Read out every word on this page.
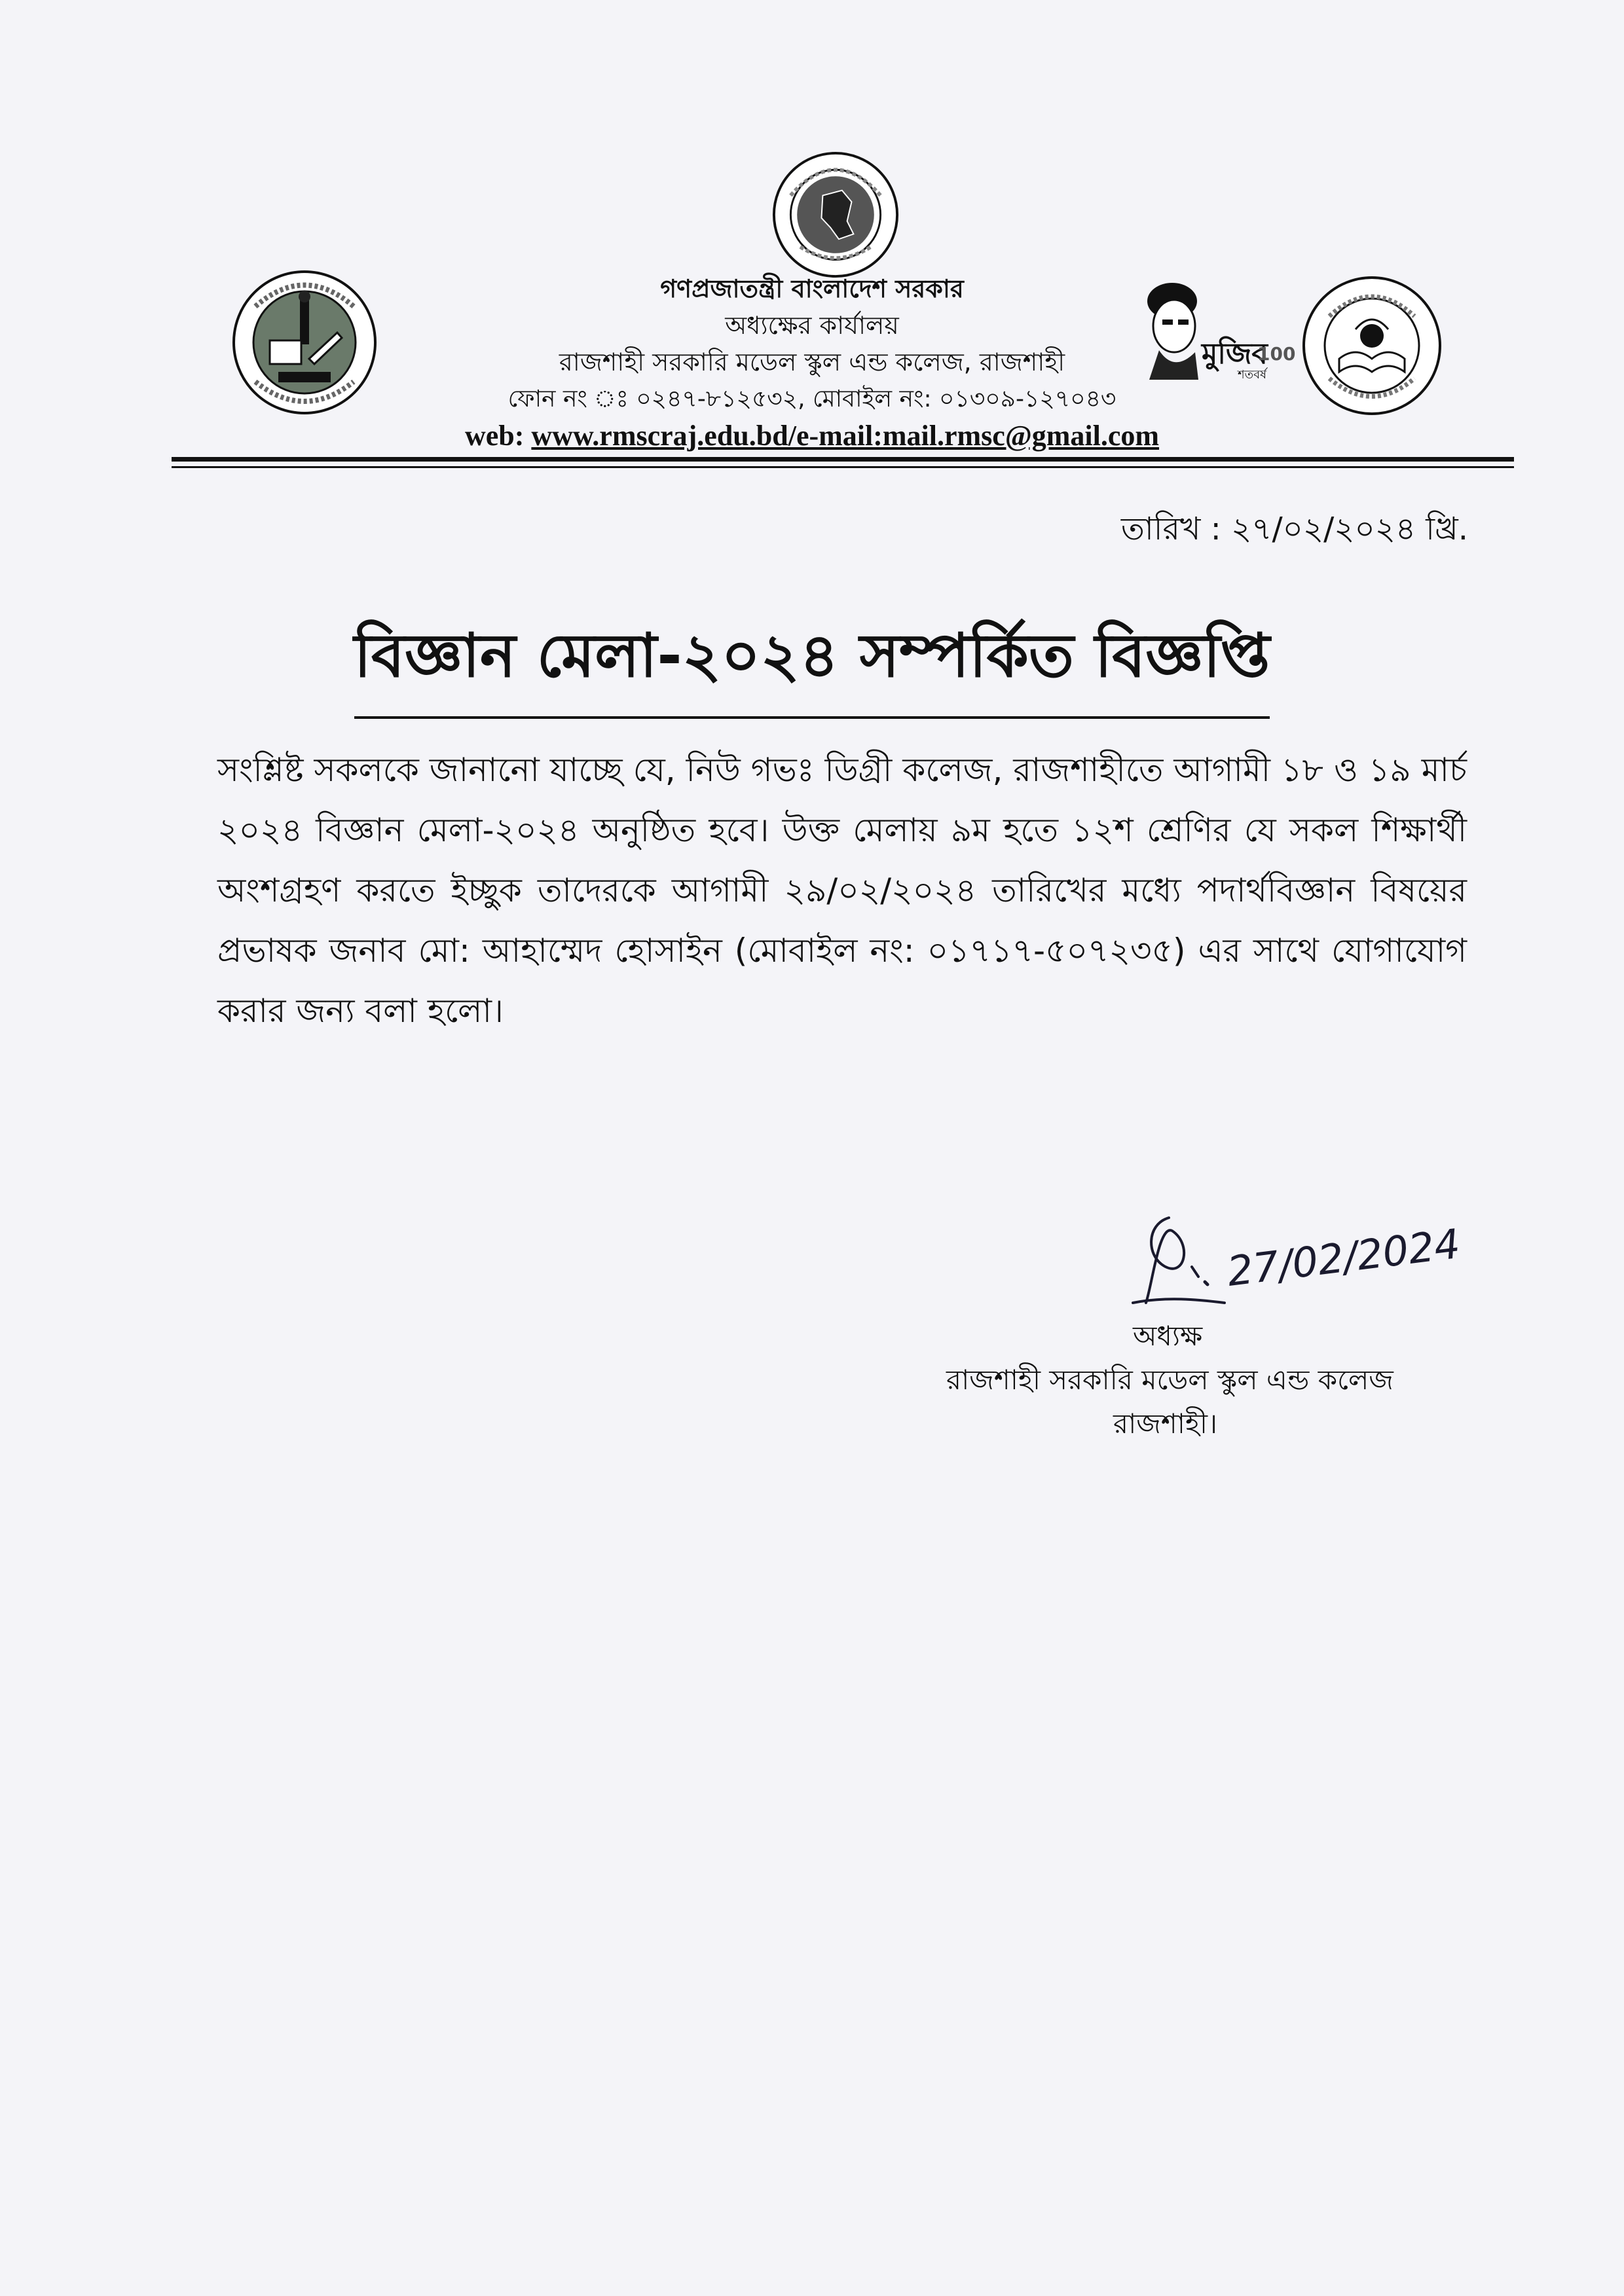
মুজিব
শতবর্ষ
100
গণপ্রজাতন্ত্রী বাংলাদেশ সরকার
অধ্যক্ষের কার্যালয়
রাজশাহী সরকারি মডেল স্কুল এন্ড কলেজ, রাজশাহী
ফোন নং ঃ ০২৪৭-৮১২৫৩২, মোবাইল নং: ০১৩০৯-১২৭০৪৩
web: www.rmscraj.edu.bd/e-mail:mail.rmsc@gmail.com
তারিখ : ২৭/০২/২০২৪ খ্রি.
বিজ্ঞান মেলা-২০২৪ সম্পর্কিত বিজ্ঞপ্তি
সংশ্লিষ্ট সকলকে জানানো যাচ্ছে যে, নিউ গভঃ ডিগ্রী কলেজ, রাজশাহীতে আগামী ১৮ ও ১৯ মার্চ ২০২৪ বিজ্ঞান মেলা-২০২৪ অনুষ্ঠিত হবে। উক্ত মেলায় ৯ম হতে ১২শ শ্রেণির যে সকল শিক্ষার্থী অংশগ্রহণ করতে ইচ্ছুক তাদেরকে আগামী ২৯/০২/২০২৪ তারিখের মধ্যে পদার্থবিজ্ঞান বিষয়ের প্রভাষক জনাব মো: আহাম্মেদ হোসাইন (মোবাইল নং: ০১৭১৭-৫০৭২৩৫) এর সাথে যোগাযোগ করার জন্য বলা হলো।
27/02/2024
অধ্যক্ষ
রাজশাহী সরকারি মডেল স্কুল এন্ড কলেজ
রাজশাহী।
